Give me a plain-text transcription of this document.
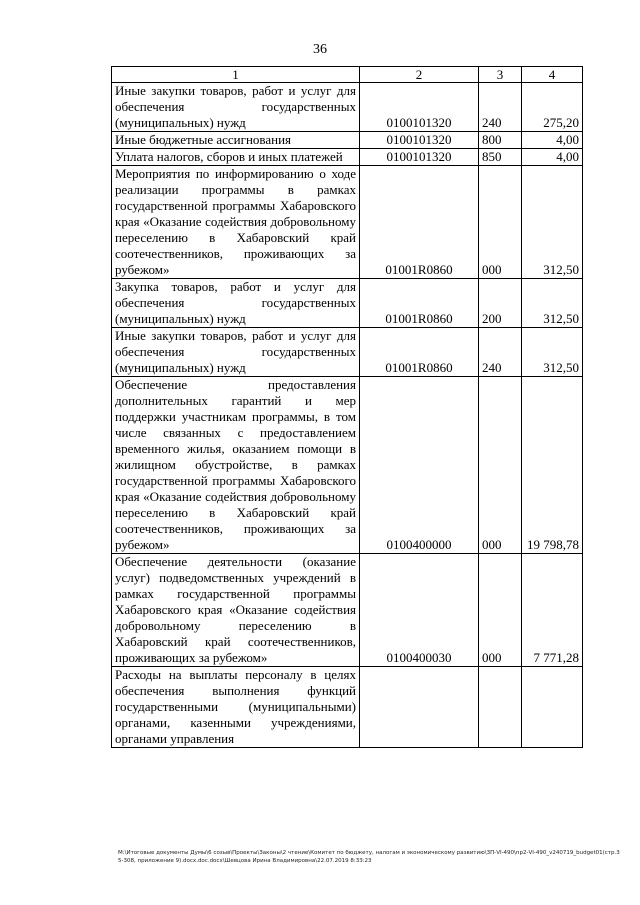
36
1	2	3	4
Иные закупки товаров, работ и услуг для обеспечения государственных (муниципальных) нужд	0100101320	240	275,20
Иные бюджетные ассигнования	0100101320	800	4,00
Уплата налогов, сборов и иных платежей	0100101320	850	4,00
Мероприятия по информированию о ходе реализации программы в рамках государственной программы Хабаровского края «Оказание содействия добровольному переселению в Хабаровский край соотечественников, проживающих за рубежом»	01001R0860	000	312,50
Закупка товаров, работ и услуг для обеспечения государственных (муниципальных) нужд	01001R0860	200	312,50
Иные закупки товаров, работ и услуг для обеспечения государственных (муниципальных) нужд	01001R0860	240	312,50
Обеспечение предоставления дополнительных гарантий и мер поддержки участникам программы, в том числе связанных с предоставлением временного жилья, оказанием помощи в жилищном обустройстве, в рамках государственной программы Хабаровского края «Оказание содействия добровольному переселению в Хабаровский край соотечественников, проживающих за рубежом»	0100400000	000	19 798,78
Обеспечение деятельности (оказание услуг) подведомственных учреждений в рамках государственной программы Хабаровского края «Оказание содействия добровольному переселению в Хабаровский край соотечественников, проживающих за рубежом»	0100400030	000	7 771,28
Расходы на выплаты персоналу в целях обеспечения выполнения функций государственными (муниципальными) органами, казенными учреждениями, органами управления			
M:\Итоговые документы Думы\6 созыв\Проекты\Законы\2 чтение\Комитет по бюджету, налогам и экономическому развитию\3П-VI-490\пр2-VI-490_v240719_budget01(стр.35-308, приложение 9).docx.doc.docx\Шевцова Ирина Владимировна\22.07.2019 8:33:23
